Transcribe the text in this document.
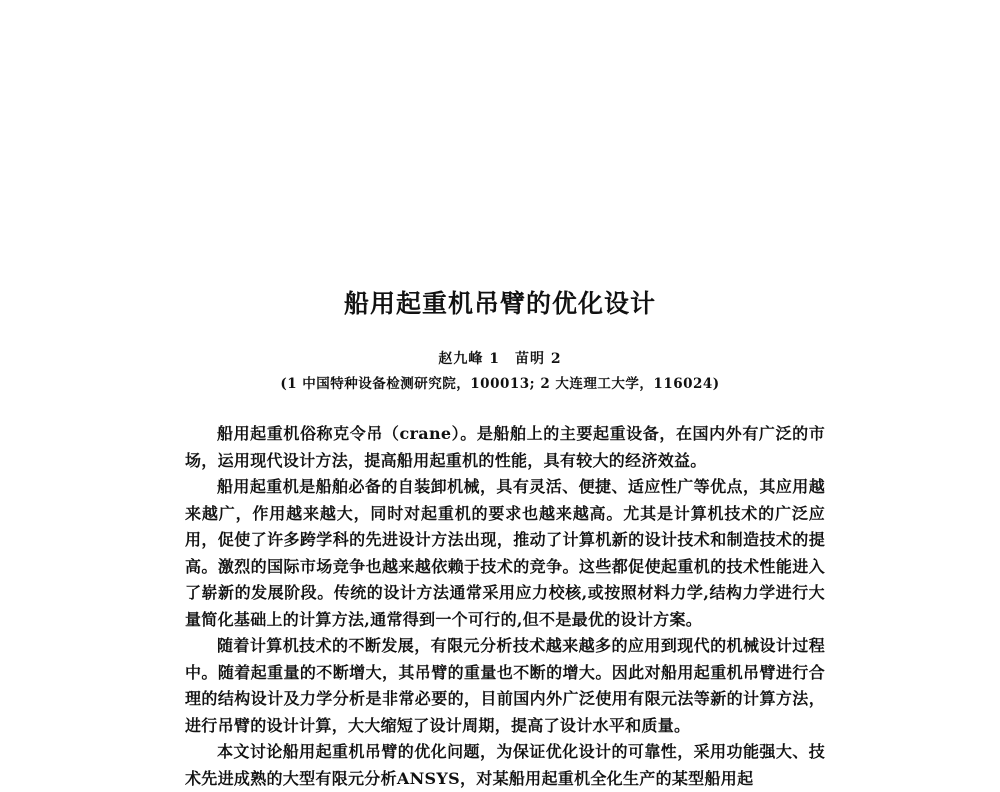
船用起重机吊臂的优化设计
赵九峰 1　苗明 2
(1 中国特种设备检测研究院，100013; 2 大连理工大学，116024)

船用起重机俗称克令吊（crane）。是船舶上的主要起重设备，在国内外有广泛的市场，运用现代设计方法，提高船用起重机的性能，具有较大的经济效益。

船用起重机是船舶必备的自装卸机械，具有灵活、便捷、适应性广等优点，其应用越来越广，作用越来越大，同时对起重机的要求也越来越高。尤其是计算机技术的广泛应用，促使了许多跨学科的先进设计方法出现，推动了计算机新的设计技术和制造技术的提高。激烈的国际市场竞争也越来越依赖于技术的竞争。这些都促使起重机的技术性能进入了崭新的发展阶段。传统的设计方法通常采用应力校核,或按照材料力学,结构力学进行大量简化基础上的计算方法,通常得到一个可行的,但不是最优的设计方案。

随着计算机技术的不断发展，有限元分析技术越来越多的应用到现代的机械设计过程中。随着起重量的不断增大，其吊臂的重量也不断的增大。因此对船用起重机吊臂进行合理的结构设计及力学分析是非常必要的，目前国内外广泛使用有限元法等新的计算方法，进行吊臂的设计计算，大大缩短了设计周期，提高了设计水平和质量。

本文讨论船用起重机吊臂的优化问题，为保证优化设计的可靠性，采用功能强大、技术先进成熟的大型有限元分析ANSYS，对某船用起重机全化生产的某型船用起
